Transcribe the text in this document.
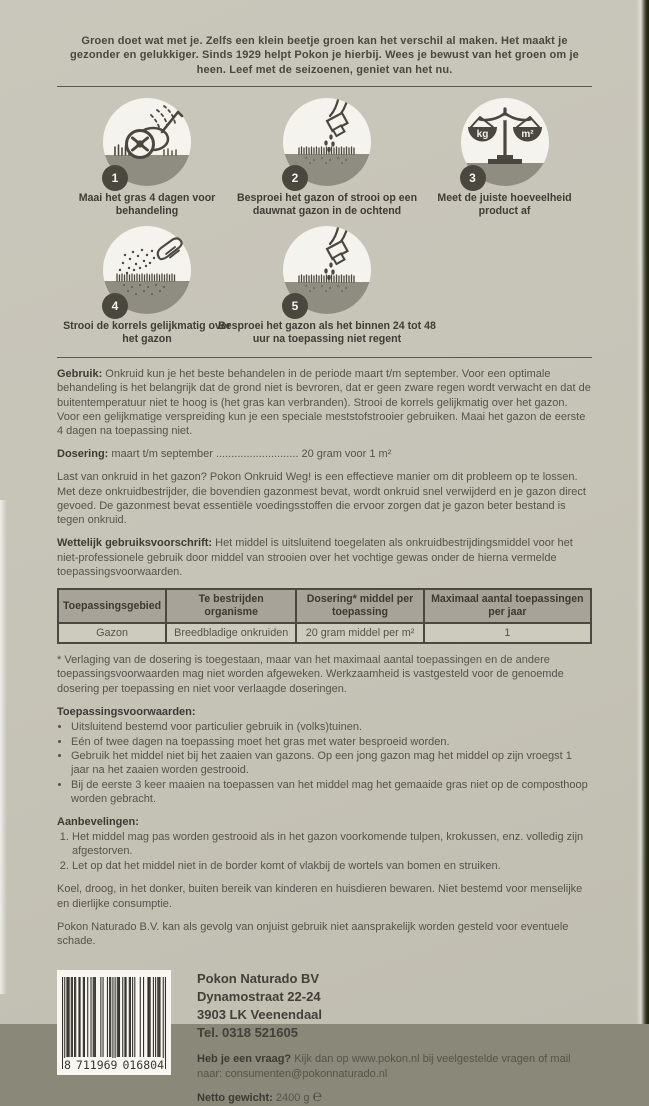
Groen doet wat met je. Zelfs een klein beetje groen kan het verschil al maken. Het maakt je gezonder en gelukkiger. Sinds 1929 helpt Pokon je hierbij. Wees je bewust van het groen om je heen. Leef met de seizoenen, geniet van het nu.

1
Maai het gras 4 dagen voor behandeling
2
Besproei het gazon of strooi op een dauwnat gazon in de ochtend
kg	m²
3
Meet de juiste hoeveelheid product af
4
Strooi de korrels gelijkmatig over het gazon
5
Besproei het gazon als het binnen 24 tot 48 uur na toepassing niet regent

Gebruik: Onkruid kun je het beste behandelen in de periode maart t/m september. Voor een optimale behandeling is het belangrijk dat de grond niet is bevroren, dat er geen zware regen wordt verwacht en dat de buitentemperatuur niet te hoog is (het gras kan verbranden). Strooi de korrels gelijkmatig over het gazon. Voor een gelijkmatige verspreiding kun je een speciale meststofstrooier gebruiken. Maai het gazon de eerste 4 dagen na toepassing niet.

Dosering: maart t/m september ........................... 20 gram voor 1 m²

Last van onkruid in het gazon? Pokon Onkruid Weg! is een effectieve manier om dit probleem op te lossen. Met deze onkruidbestrijder, die bovendien gazonmest bevat, wordt onkruid snel verwijderd en je gazon direct gevoed. De gazonmest bevat essentiële voedingsstoffen die ervoor zorgen dat je gazon beter bestand is tegen onkruid.

Wettelijk gebruiksvoorschrift: Het middel is uitsluitend toegelaten als onkruidbestrijdingsmiddel voor het niet-professionele gebruik door middel van strooien over het vochtige gewas onder de hierna vermelde toepassingsvoorwaarden.

Toepassingsgebied	Te bestrijden organisme	Dosering* middel per toepassing	Maximaal aantal toepassingen per jaar
Gazon	Breedbladige onkruiden	20 gram middel per m²	1

* Verlaging van de dosering is toegestaan, maar van het maximaal aantal toepassingen en de andere toepassingsvoorwaarden mag niet worden afgeweken. Werkzaamheid is vastgesteld voor de genoemde dosering per toepassing en niet voor verlaagde doseringen.

Toepassingsvoorwaarden:

• Uitsluitend bestemd voor particulier gebruik in (volks)tuinen.
• Eén of twee dagen na toepassing moet het gras met water besproeid worden.
• Gebruik het middel niet bij het zaaien van gazons. Op een jong gazon mag het middel op zijn vroegst 1 jaar na het zaaien worden gestrooid.
• Bij de eerste 3 keer maaien na toepassen van het middel mag het gemaaide gras niet op de composthoop worden gebracht.

Aanbevelingen:

1. Het middel mag pas worden gestrooid als in het gazon voorkomende tulpen, krokussen, enz. volledig zijn afgestorven.
2. Let op dat het middel niet in de border komt of vlakbij de wortels van bomen en struiken.

Koel, droog, in het donker, buiten bereik van kinderen en huisdieren bewaren. Niet bestemd voor menselijke en dierlijke consumptie.

Pokon Naturado B.V. kan als gevolg van onjuist gebruik niet aansprakelijk worden gesteld voor eventuele schade.

8 711969 016804
Pokon Naturado BV
Dynamostraat 22-24
3903 LK Veenendaal
Tel. 0318 521605

Heb je een vraag? Kijk dan op www.pokon.nl bij veelgestelde vragen of mail naar: consumenten@pokonnaturado.nl

Netto gewicht: 2400 g ℮
